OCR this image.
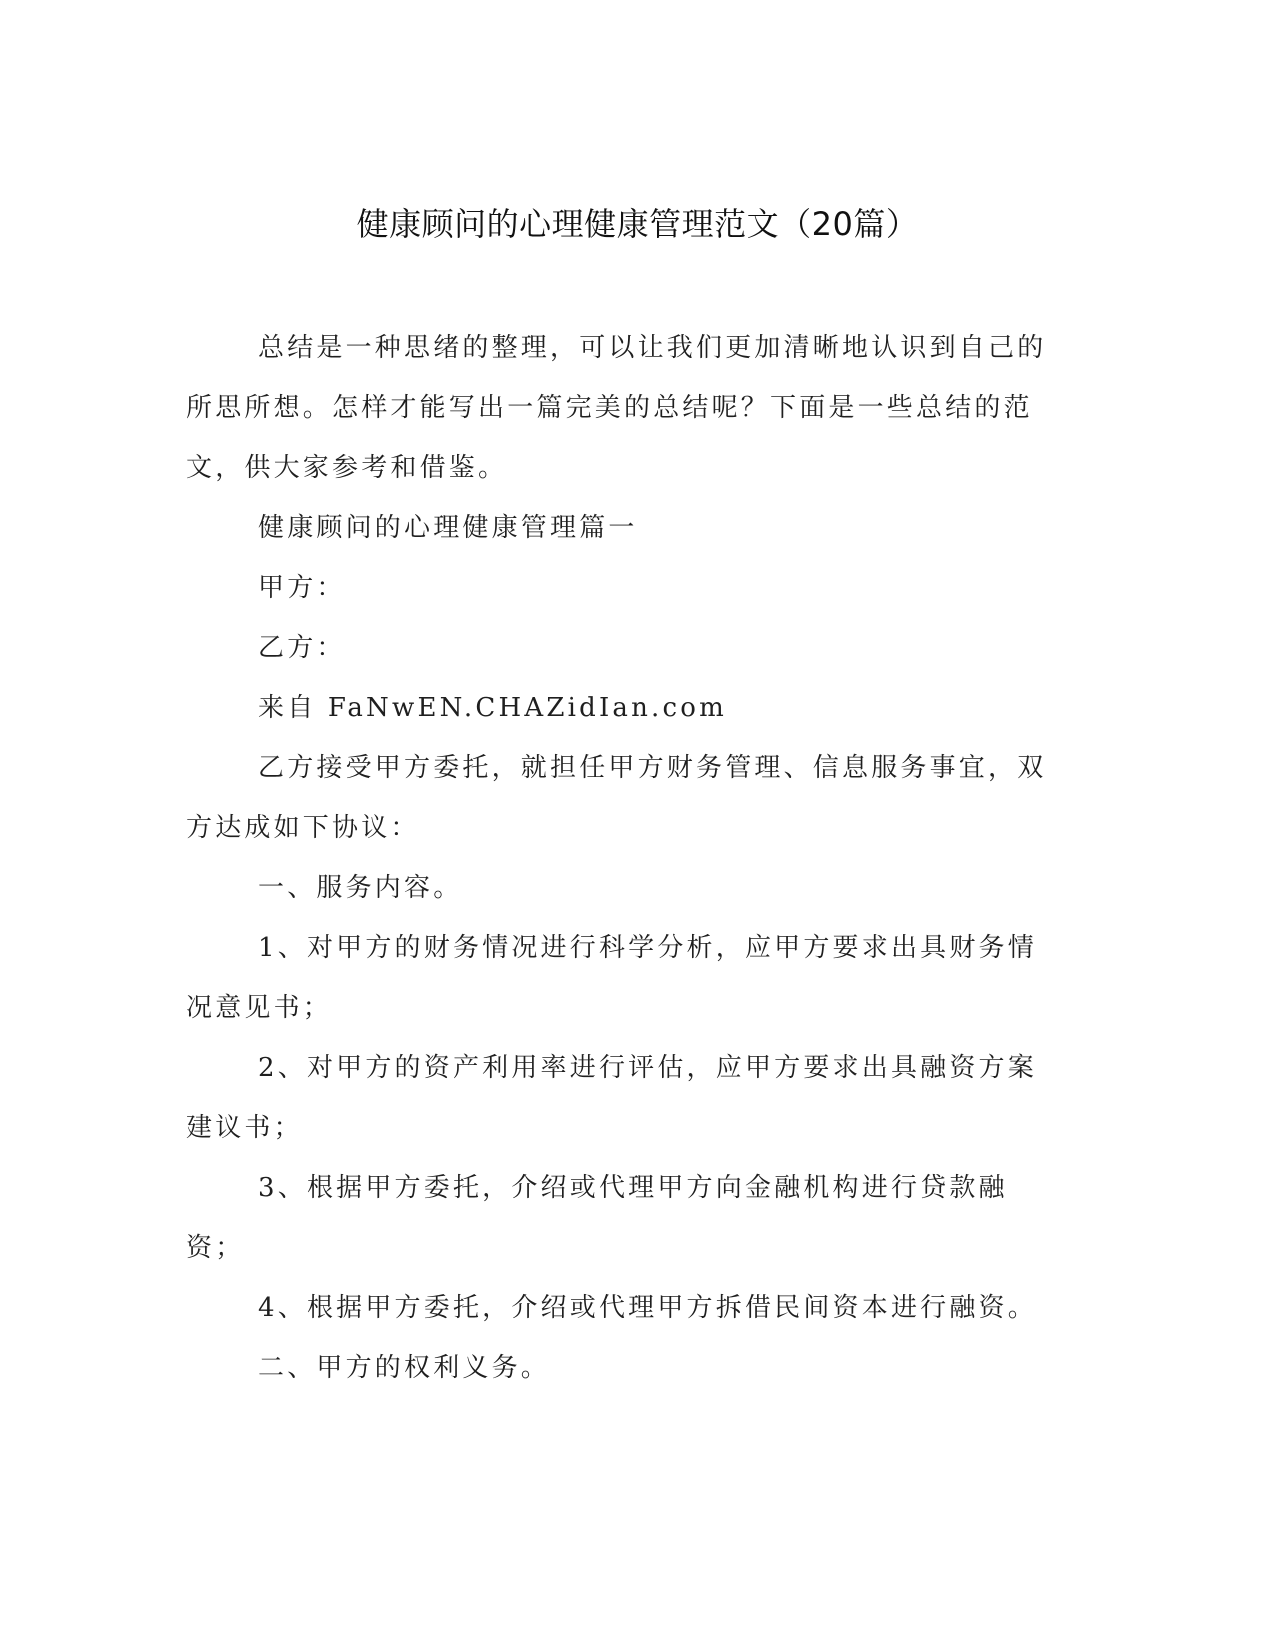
健康顾问的心理健康管理范文（20篇）

总结是一种思绪的整理，可以让我们更加清晰地认识到自己的所思所想。怎样才能写出一篇完美的总结呢？下面是一些总结的范文，供大家参考和借鉴。

健康顾问的心理健康管理篇一

甲方：

乙方：

来自 FaNwEN.CHAZidIan.com

乙方接受甲方委托，就担任甲方财务管理、信息服务事宜，双方达成如下协议：

一、服务内容。

1、对甲方的财务情况进行科学分析，应甲方要求出具财务情况意见书；

2、对甲方的资产利用率进行评估，应甲方要求出具融资方案建议书；

3、根据甲方委托，介绍或代理甲方向金融机构进行贷款融资；

4、根据甲方委托，介绍或代理甲方拆借民间资本进行融资。

二、甲方的权利义务。
